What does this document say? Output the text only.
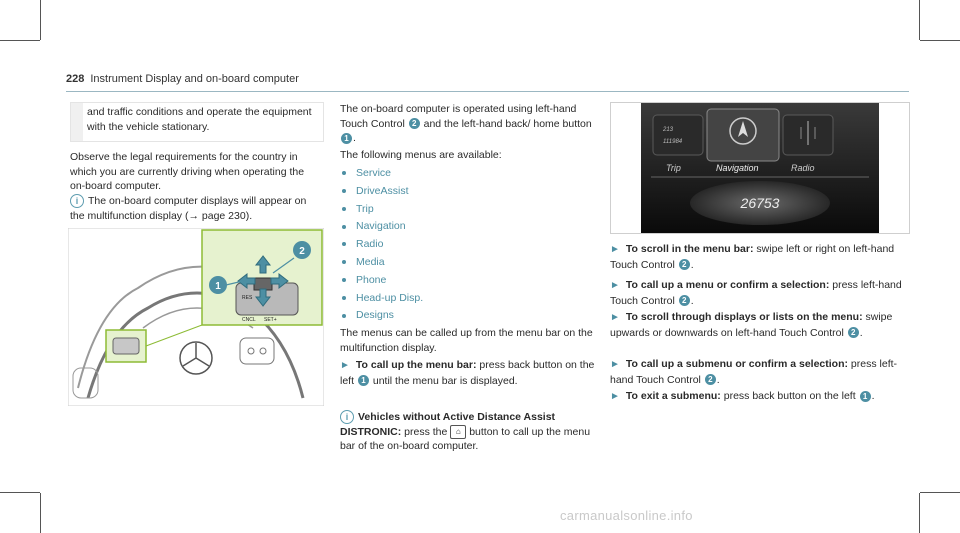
228 Instrument Display and on-board computer
and traffic conditions and operate the equipment with the vehicle stationary.
Observe the legal requirements for the country in which you are currently driving when operating the on-board computer.
i The on-board computer displays will appear on the multifunction display (→ page 230).
RES
CNCL SET+
1
2
The on-board computer is operated using left-hand Touch Control 2 and the left-hand back/ home button 1 .
The following menus are available:
Service
DriveAssist
Trip
Navigation
Radio
Media
Phone
Head-up Disp.
Designs
The menus can be called up from the menu bar on the multifunction display.
► To call up the menu bar: press back button on the left 1 until the menu bar is displayed.
i Vehicles without Active Distance Assist DISTRONIC: press the ⌂ button to call up the menu bar of the on-board computer.
213
111984
Trip	Navigation	Radio
26753
► To scroll in the menu bar: swipe left or right on left-hand Touch Control 2 .
► To call up a menu or confirm a selection: press left-hand Touch Control 2 .
► To scroll through displays or lists on the menu: swipe upwards or downwards on left-hand Touch Control 2 .
► To call up a submenu or confirm a selection: press left-hand Touch Control 2 .
► To exit a submenu: press back button on the left 1 .
carmanualsonline.info
